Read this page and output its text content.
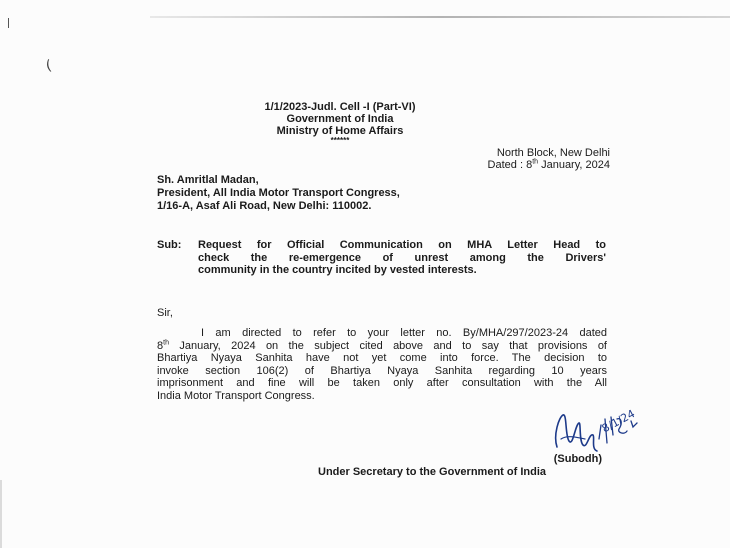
(
1/1/2023-Judl. Cell -I (Part-VI)
Government of India
Ministry of Home Affairs
******
North Block, New Delhi
Dated : 8th January, 2024
Sh. Amritlal Madan,
President, All India Motor Transport Congress,
1/16-A, Asaf Ali Road, New Delhi: 110002.
Sub: Request for Official Communication on MHA Letter Head to
check the re-emergence of unrest among the Drivers'
community in the country incited by vested interests.
Sir,
I am directed to refer to your letter no. By/MHA/297/2023-24 dated
8th January, 2024 on the subject cited above and to say that provisions of
Bhartiya Nyaya Sanhita have not yet come into force. The decision to
invoke section 106(2) of Bhartiya Nyaya Sanhita regarding 10 years
imprisonment and fine will be taken only after consultation with the All
India Motor Transport Congress.
8/1/24
(Subodh)
Under Secretary to the Government of India
